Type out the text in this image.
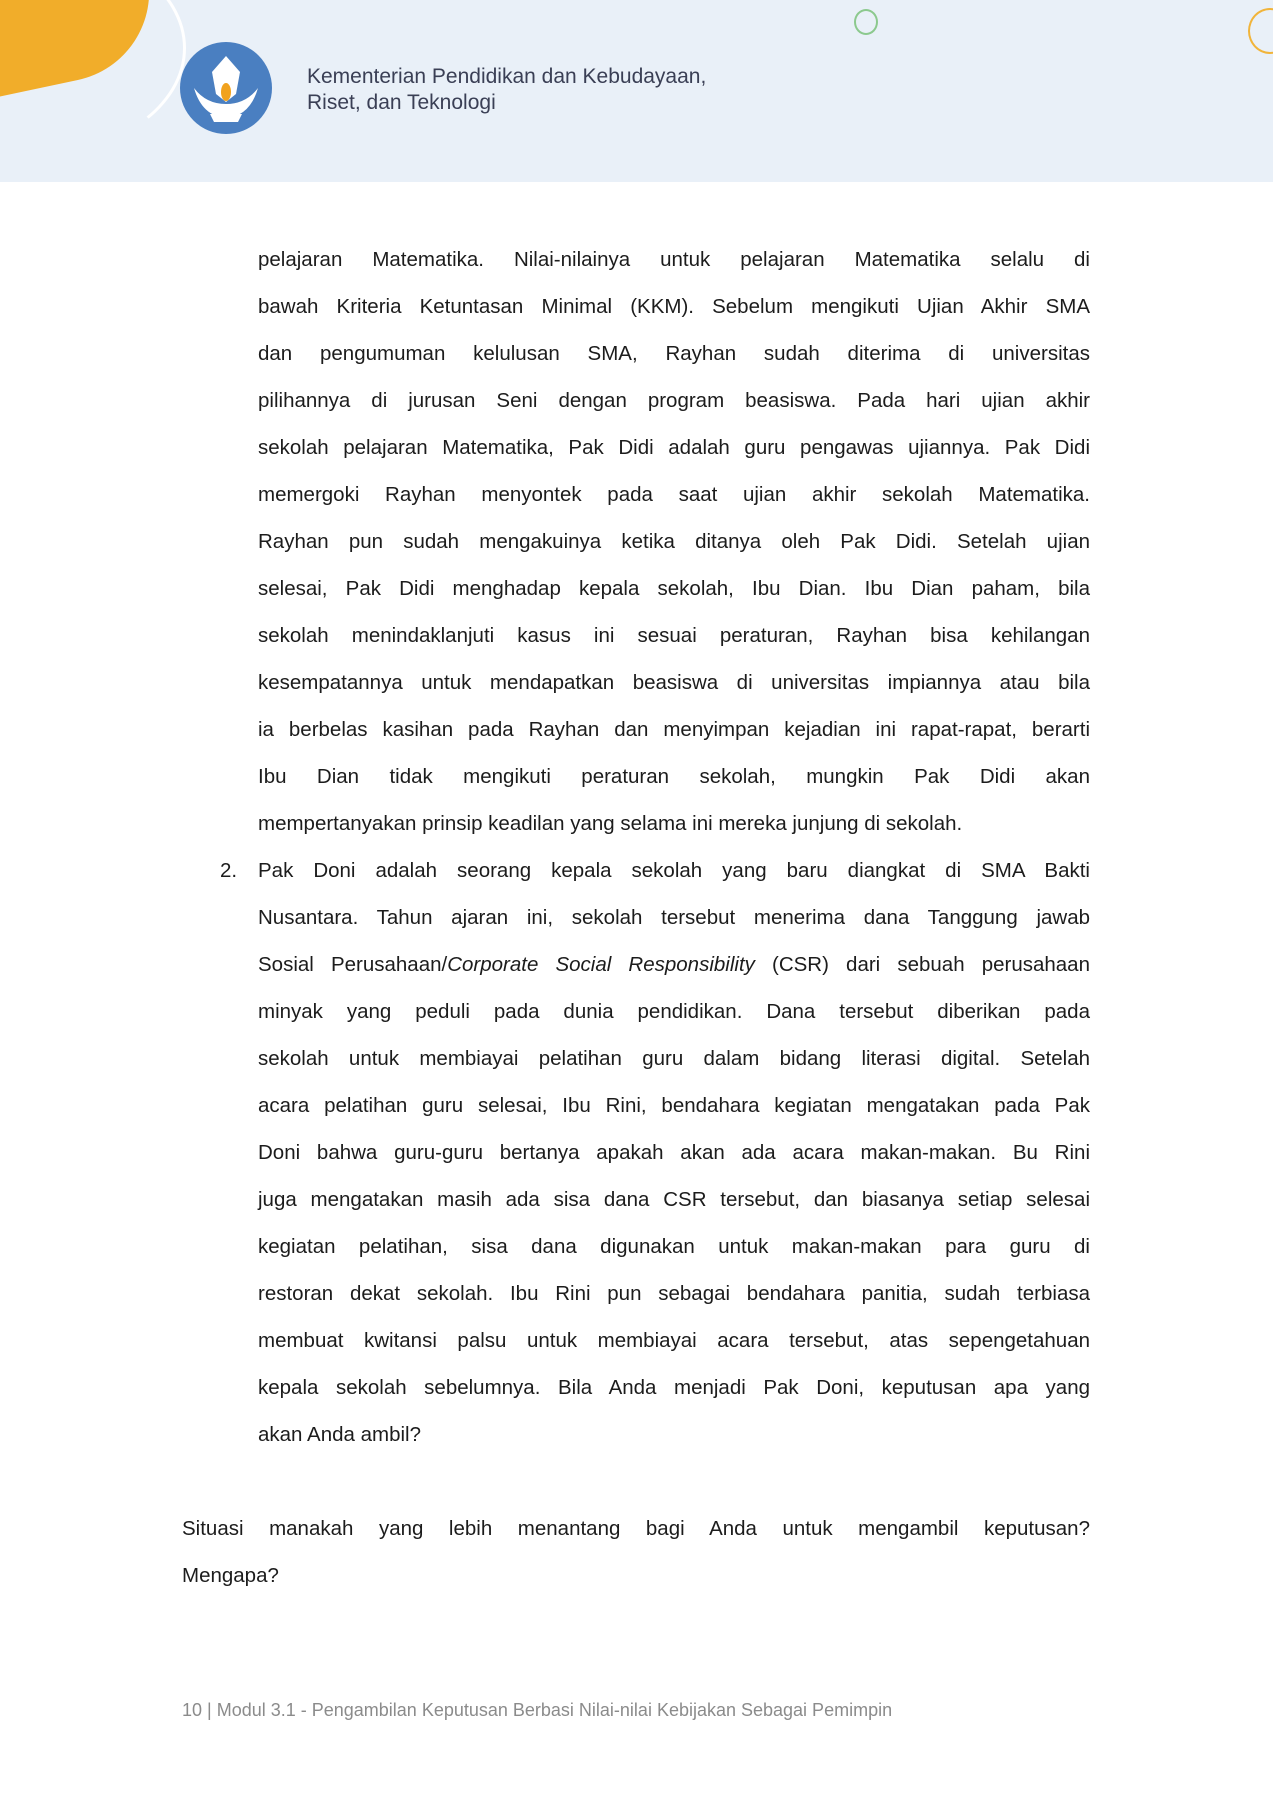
Kementerian Pendidikan dan Kebudayaan,
Riset, dan Teknologi
pelajaran Matematika. Nilai-nilainya untuk pelajaran Matematika selalu di
bawah Kriteria Ketuntasan Minimal (KKM). Sebelum mengikuti Ujian Akhir SMA
dan pengumuman kelulusan SMA, Rayhan sudah diterima di universitas
pilihannya di jurusan Seni dengan program beasiswa. Pada hari ujian akhir
sekolah pelajaran Matematika, Pak Didi adalah guru pengawas ujiannya. Pak Didi
memergoki Rayhan menyontek pada saat ujian akhir sekolah Matematika.
Rayhan pun sudah mengakuinya ketika ditanya oleh Pak Didi. Setelah ujian
selesai, Pak Didi menghadap kepala sekolah, Ibu Dian. Ibu Dian paham, bila
sekolah menindaklanjuti kasus ini sesuai peraturan, Rayhan bisa kehilangan
kesempatannya untuk mendapatkan beasiswa di universitas impiannya atau bila
ia berbelas kasihan pada Rayhan dan menyimpan kejadian ini rapat-rapat, berarti
Ibu Dian tidak mengikuti peraturan sekolah, mungkin Pak Didi akan
mempertanyakan prinsip keadilan yang selama ini mereka junjung di sekolah.
2. Pak Doni adalah seorang kepala sekolah yang baru diangkat di SMA Bakti
Nusantara. Tahun ajaran ini, sekolah tersebut menerima dana Tanggung jawab
Sosial Perusahaan/Corporate Social Responsibility (CSR) dari sebuah perusahaan
minyak yang peduli pada dunia pendidikan. Dana tersebut diberikan pada
sekolah untuk membiayai pelatihan guru dalam bidang literasi digital. Setelah
acara pelatihan guru selesai, Ibu Rini, bendahara kegiatan mengatakan pada Pak
Doni bahwa guru-guru bertanya apakah akan ada acara makan-makan. Bu Rini
juga mengatakan masih ada sisa dana CSR tersebut, dan biasanya setiap selesai
kegiatan pelatihan, sisa dana digunakan untuk makan-makan para guru di
restoran dekat sekolah. Ibu Rini pun sebagai bendahara panitia, sudah terbiasa
membuat kwitansi palsu untuk membiayai acara tersebut, atas sepengetahuan
kepala sekolah sebelumnya. Bila Anda menjadi Pak Doni, keputusan apa yang
akan Anda ambil?
Situasi manakah yang lebih menantang bagi Anda untuk mengambil keputusan?
Mengapa?
10 | Modul 3.1 - Pengambilan Keputusan Berbasi Nilai-nilai Kebijakan Sebagai Pemimpin
